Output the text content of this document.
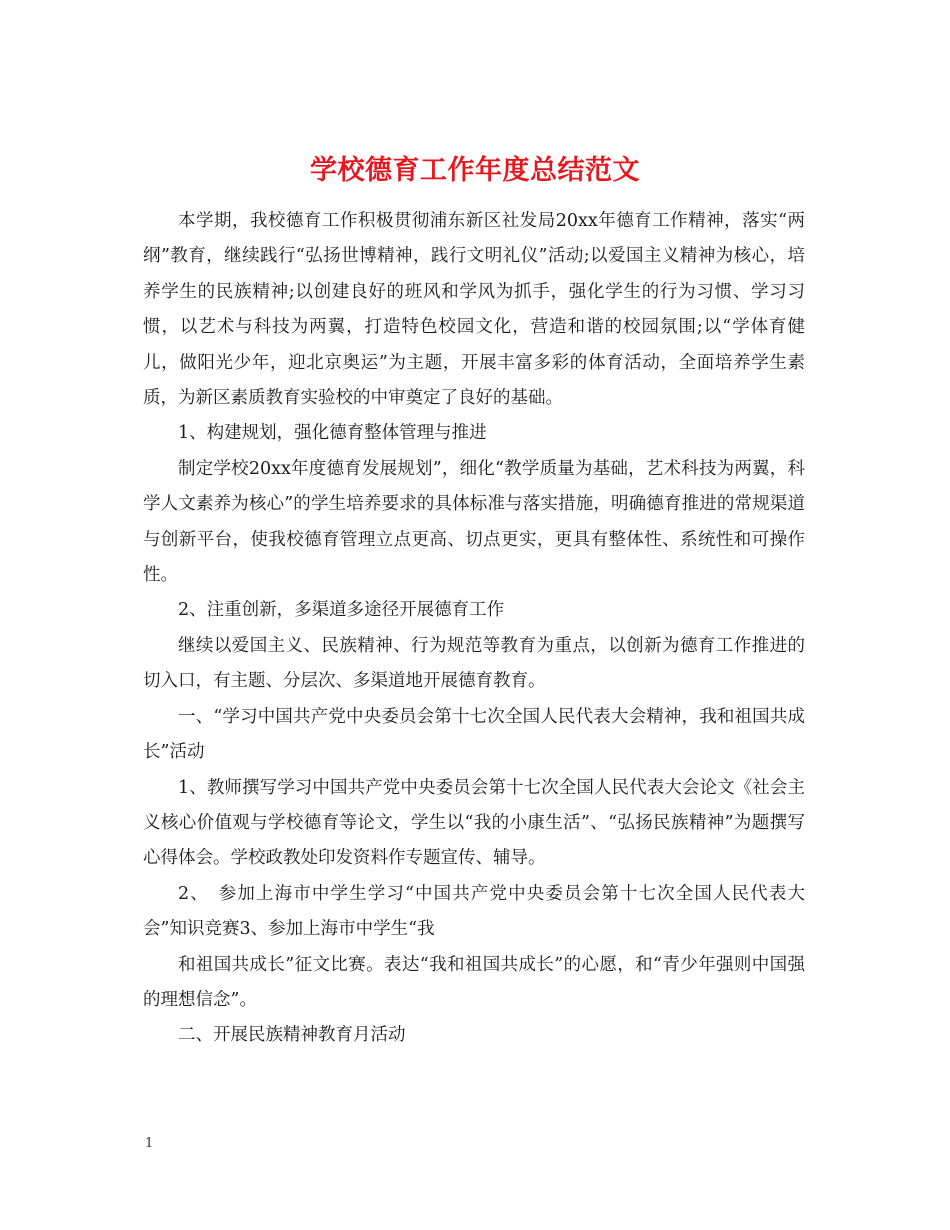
学校德育工作年度总结范文

本学期，我校德育工作积极贯彻浦东新区社发局20xx年德育工作精神，落实“两纲”教育，继续践行“弘扬世博精神，践行文明礼仪”活动;以爱国主义精神为核心，培养学生的民族精神;以创建良好的班风和学风为抓手，强化学生的行为习惯、学习习惯，以艺术与科技为两翼，打造特色校园文化，营造和谐的校园氛围;以“学体育健儿，做阳光少年，迎北京奥运”为主题，开展丰富多彩的体育活动，全面培养学生素质，为新区素质教育实验校的中审奠定了良好的基础。

1、构建规划，强化德育整体管理与推进

制定学校20xx年度德育发展规划”，细化“教学质量为基础，艺术科技为两翼，科学人文素养为核心”的学生培养要求的具体标准与落实措施，明确德育推进的常规渠道与创新平台，使我校德育管理立点更高、切点更实，更具有整体性、系统性和可操作性。

2、注重创新，多渠道多途径开展德育工作

继续以爱国主义、民族精神、行为规范等教育为重点，以创新为德育工作推进的切入口，有主题、分层次、多渠道地开展德育教育。

一、“学习中国共产党中央委员会第十七次全国人民代表大会精神，我和祖国共成长”活动

1、教师撰写学习中国共产党中央委员会第十七次全国人民代表大会论文《社会主义核心价值观与学校德育等论文，学生以“我的小康生活”、“弘扬民族精神”为题撰写心得体会。学校政教处印发资料作专题宣传、辅导。

2、　参加上海市中学生学习“中国共产党中央委员会第十七次全国人民代表大会”知识竞赛3、参加上海市中学生“我

和祖国共成长”征文比赛。表达“我和祖国共成长”的心愿，和“青少年强则中国强的理想信念”。

二、开展民族精神教育月活动

1
